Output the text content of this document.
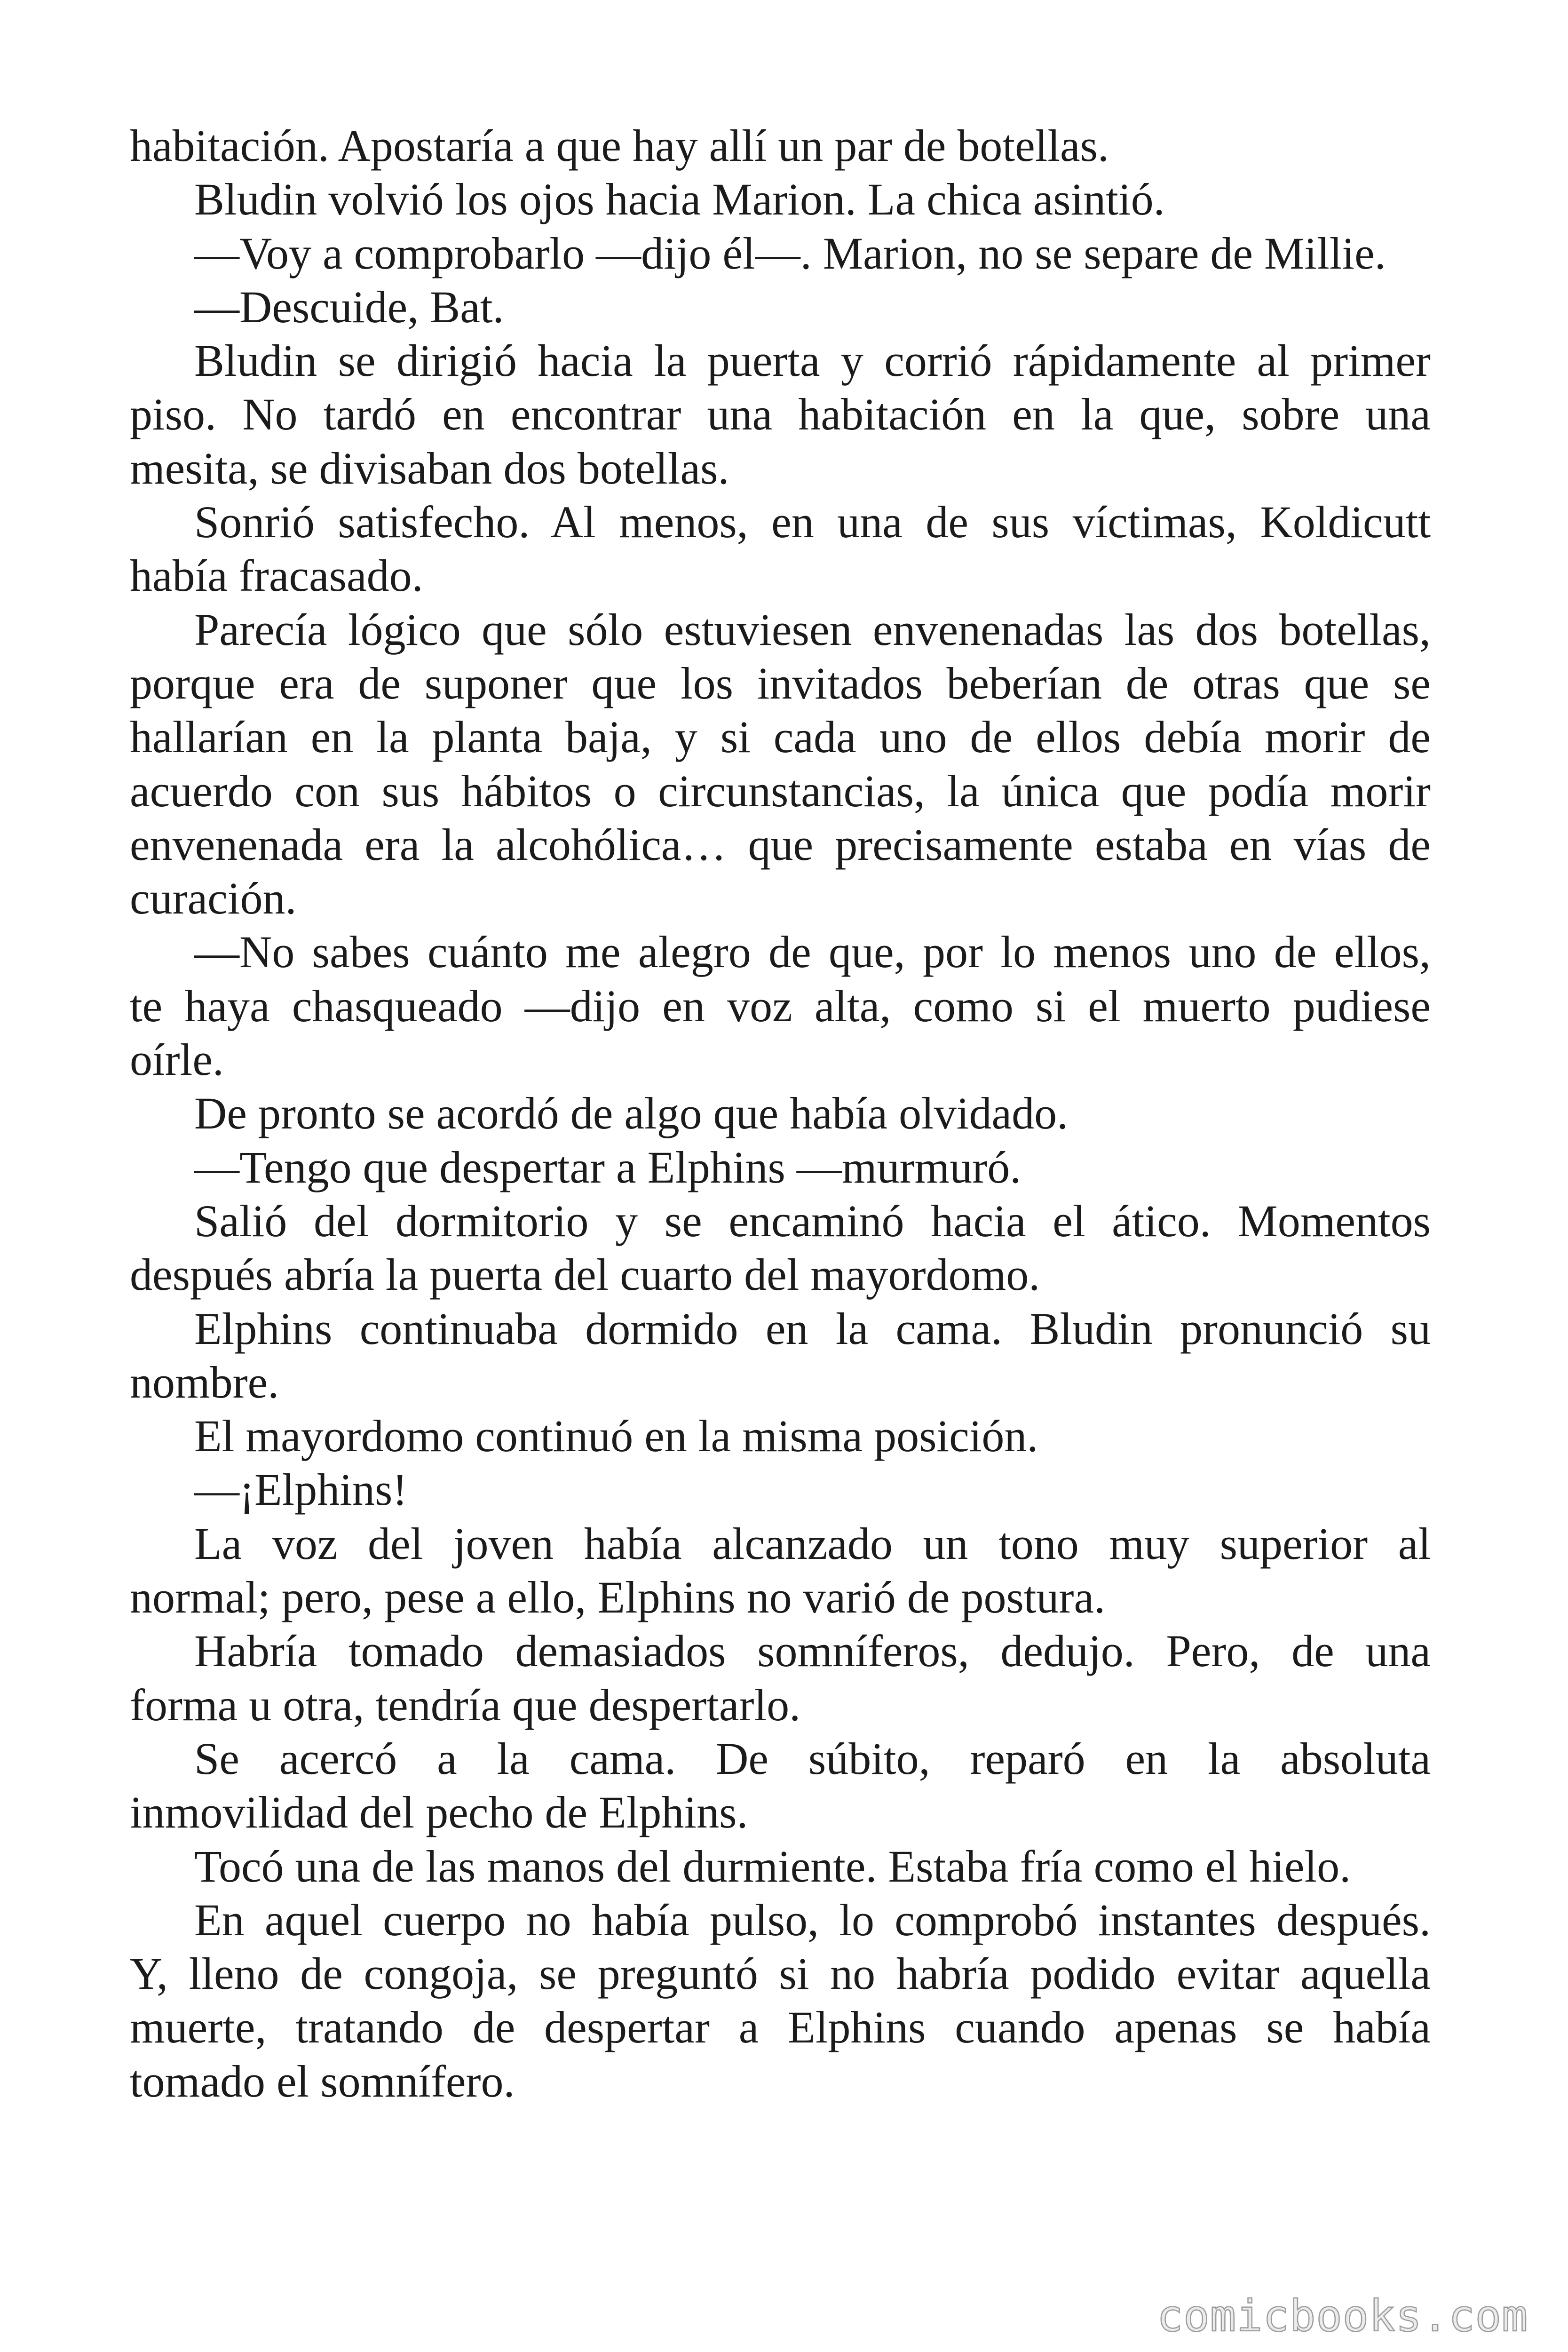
habitación. Apostaría a que hay allí un par de botellas.
Bludin volvió los ojos hacia Marion. La chica asintió.
—Voy a comprobarlo —dijo él—. Marion, no se separe de Millie.
—Descuide, Bat.
Bludin se dirigió hacia la puerta y corrió rápidamente al primer
piso. No tardó en encontrar una habitación en la que, sobre una
mesita, se divisaban dos botellas.
Sonrió satisfecho. Al menos, en una de sus víctimas, Koldicutt
había fracasado.
Parecía lógico que sólo estuviesen envenenadas las dos botellas,
porque era de suponer que los invitados beberían de otras que se
hallarían en la planta baja, y si cada uno de ellos debía morir de
acuerdo con sus hábitos o circunstancias, la única que podía morir
envenenada era la alcohólica… que precisamente estaba en vías de
curación.
—No sabes cuánto me alegro de que, por lo menos uno de ellos,
te haya chasqueado —dijo en voz alta, como si el muerto pudiese
oírle.
De pronto se acordó de algo que había olvidado.
—Tengo que despertar a Elphins —murmuró.
Salió del dormitorio y se encaminó hacia el ático. Momentos
después abría la puerta del cuarto del mayordomo.
Elphins continuaba dormido en la cama. Bludin pronunció su
nombre.
El mayordomo continuó en la misma posición.
—¡Elphins!
La voz del joven había alcanzado un tono muy superior al
normal; pero, pese a ello, Elphins no varió de postura.
Habría tomado demasiados somníferos, dedujo. Pero, de una
forma u otra, tendría que despertarlo.
Se acercó a la cama. De súbito, reparó en la absoluta
inmovilidad del pecho de Elphins.
Tocó una de las manos del durmiente. Estaba fría como el hielo.
En aquel cuerpo no había pulso, lo comprobó instantes después.
Y, lleno de congoja, se preguntó si no habría podido evitar aquella
muerte, tratando de despertar a Elphins cuando apenas se había
tomado el somnífero.
comicbooks.com
